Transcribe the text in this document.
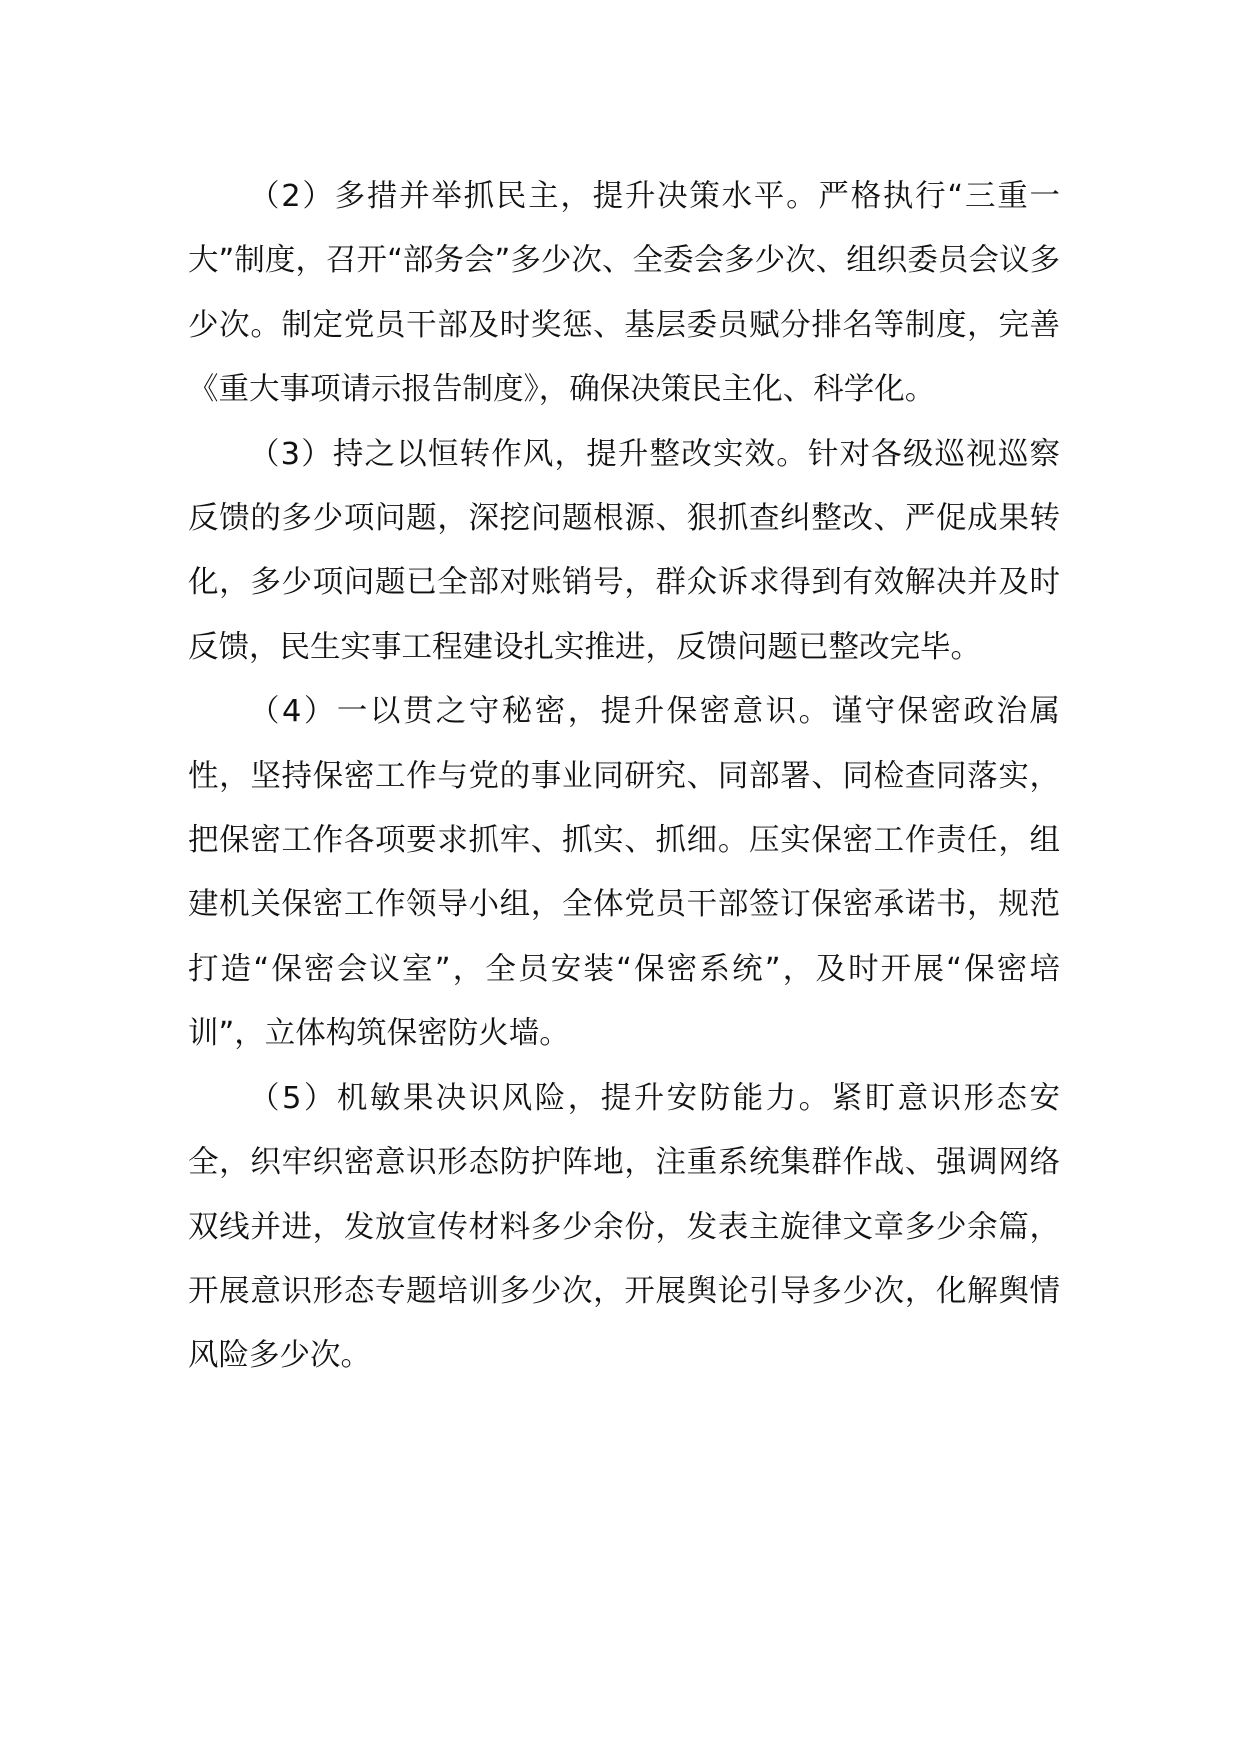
（2）多措并举抓民主，提升决策水平。严格执行“三重一大”制度，召开“部务会”多少次、全委会多少次、组织委员会议多少次。制定党员干部及时奖惩、基层委员赋分排名等制度，完善《重大事项请示报告制度》，确保决策民主化、科学化。

（3）持之以恒转作风，提升整改实效。针对各级巡视巡察反馈的多少项问题，深挖问题根源、狠抓查纠整改、严促成果转化，多少项问题已全部对账销号，群众诉求得到有效解决并及时反馈，民生实事工程建设扎实推进，反馈问题已整改完毕。

（4）一以贯之守秘密，提升保密意识。谨守保密政治属性，坚持保密工作与党的事业同研究、同部署、同检查同落实，把保密工作各项要求抓牢、抓实、抓细。压实保密工作责任，组建机关保密工作领导小组，全体党员干部签订保密承诺书，规范打造“保密会议室”，全员安装“保密系统”，及时开展“保密培训”，立体构筑保密防火墙。

（5）机敏果决识风险，提升安防能力。紧盯意识形态安全，织牢织密意识形态防护阵地，注重系统集群作战、强调网络双线并进，发放宣传材料多少余份，发表主旋律文章多少余篇，开展意识形态专题培训多少次，开展舆论引导多少次，化解舆情风险多少次。
